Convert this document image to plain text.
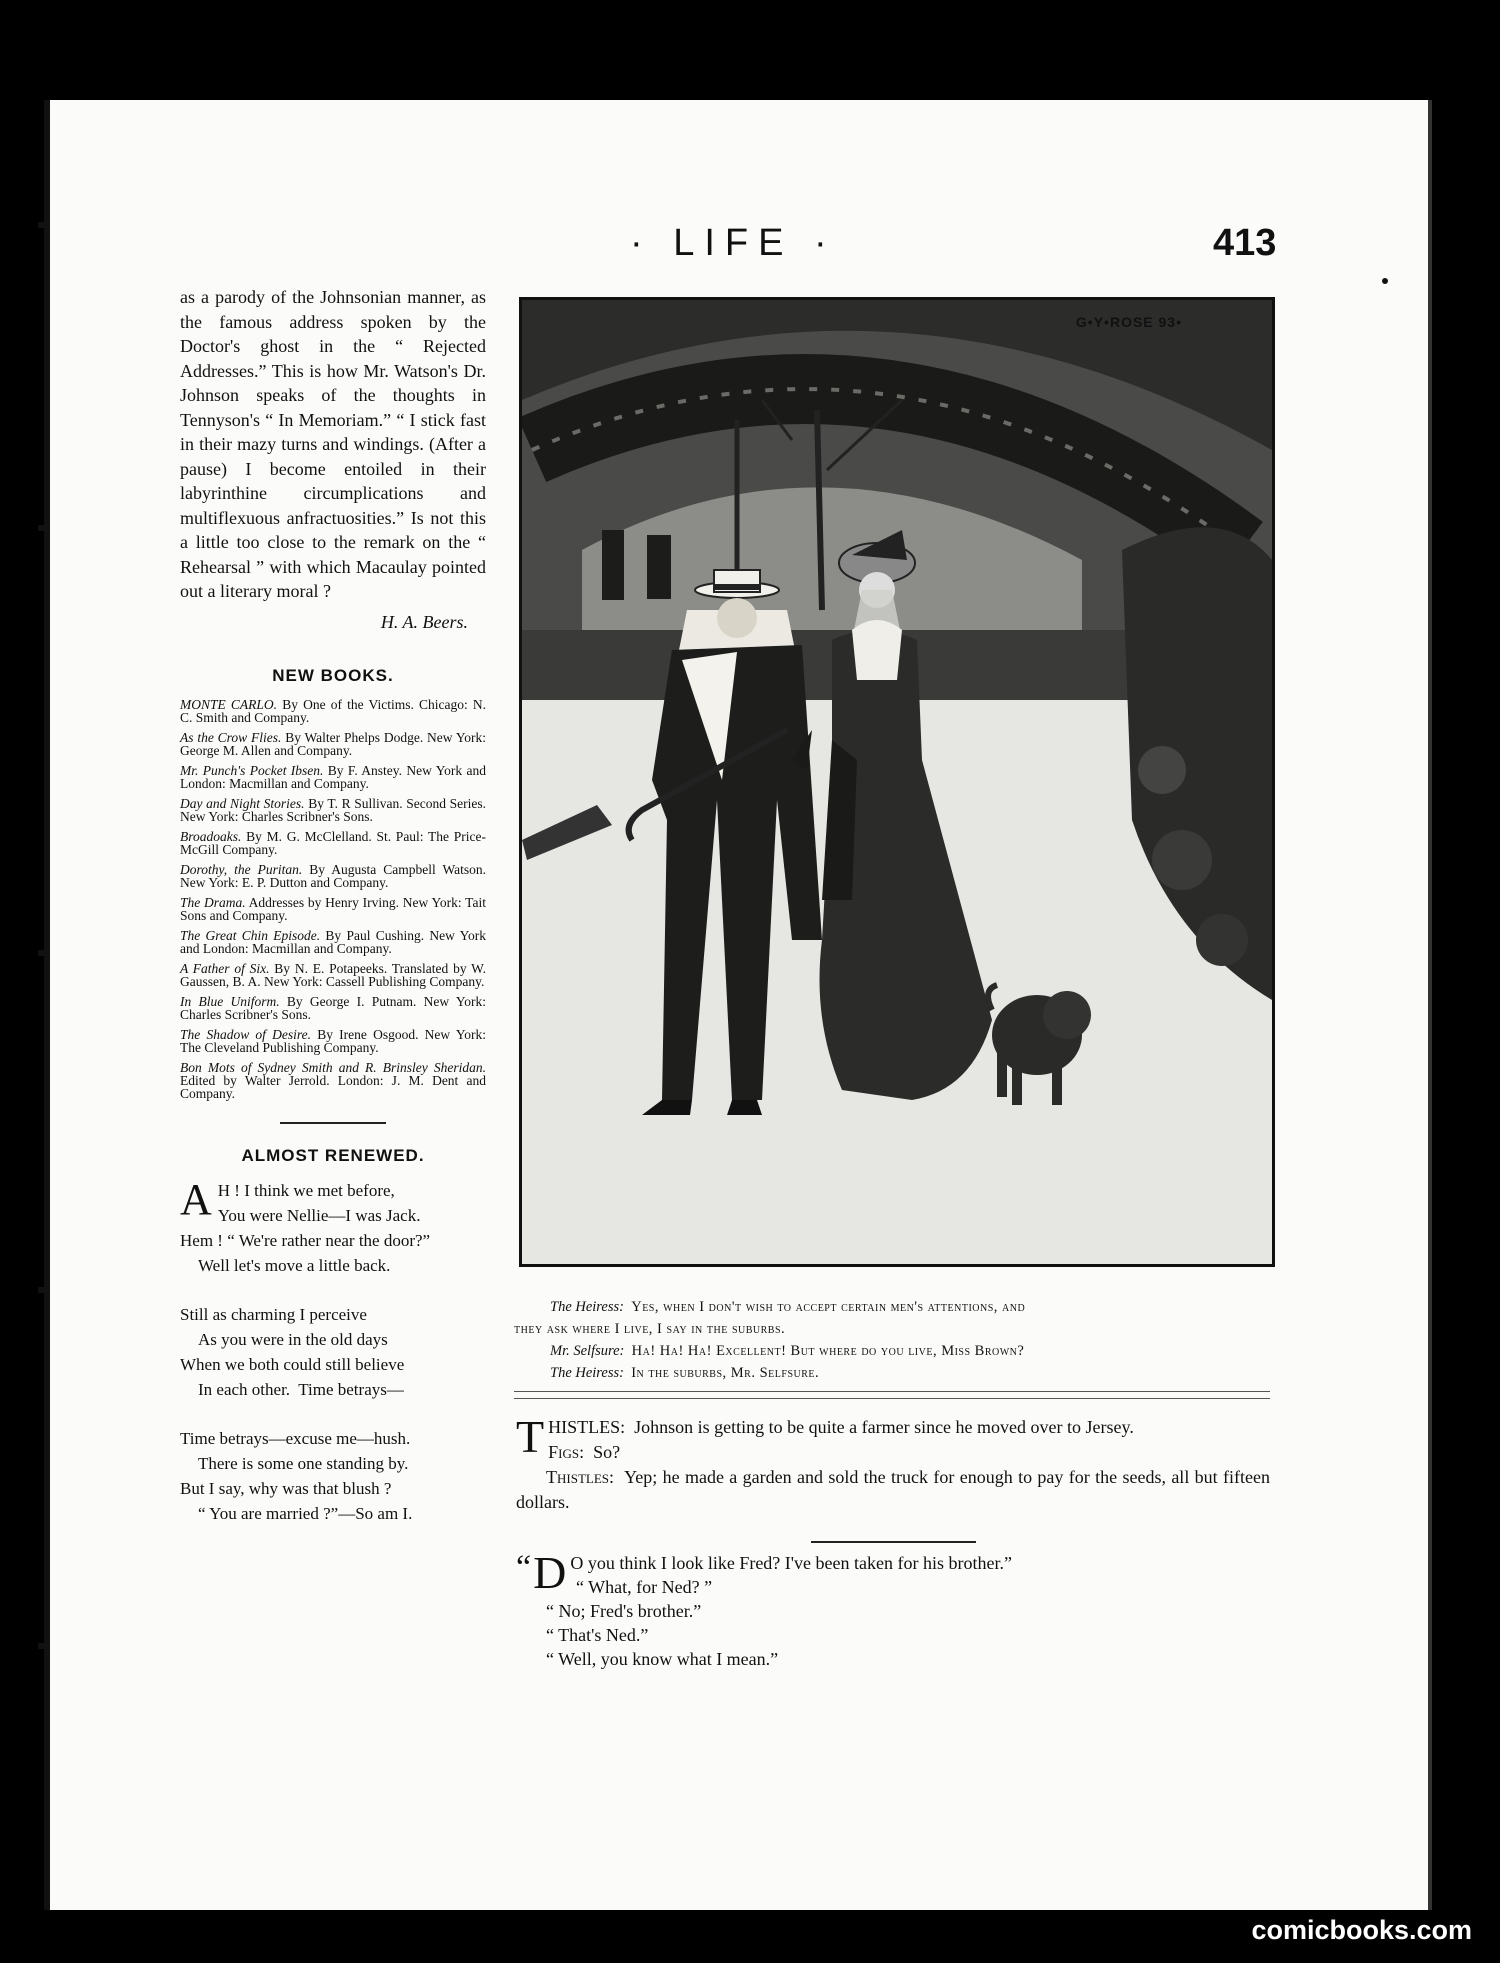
· LIFE ·	413

as a parody of the Johnsonian manner, as the famous address spoken by the Doctor's ghost in the “ Rejected Addresses.” This is how Mr. Watson's Dr. Johnson speaks of the thoughts in Tennyson's “ In Memoriam.” “ I stick fast in their mazy turns and windings. (After a pause) I become entoiled in their labyrinthine circumplications and multiflexuous anfractuosities.” Is not this a little too close to the remark on the “ Rehearsal ” with which Macaulay pointed out a literary moral ?

H. A. Beers.
NEW BOOKS.
MONTE CARLO. By One of the Victims. Chicago: N. C. Smith and Company.
As the Crow Flies. By Walter Phelps Dodge. New York: George M. Allen and Company.
Mr. Punch's Pocket Ibsen. By F. Anstey. New York and London: Macmillan and Company.
Day and Night Stories. By T. R Sullivan. Second Series. New York: Charles Scribner's Sons.
Broadoaks. By M. G. McClelland. St. Paul: The Price-McGill Company.
Dorothy, the Puritan. By Augusta Campbell Watson. New York: E. P. Dutton and Company.
The Drama. Addresses by Henry Irving. New York: Tait Sons and Company.
The Great Chin Episode. By Paul Cushing. New York and London: Macmillan and Company.
A Father of Six. By N. E. Potapeeks. Translated by W. Gaussen, B. A. New York: Cassell Publishing Company.
In Blue Uniform. By George I. Putnam. New York: Charles Scribner's Sons.
The Shadow of Desire. By Irene Osgood. New York: The Cleveland Publishing Company.
Bon Mots of Sydney Smith and R. Brinsley Sheridan. Edited by Walter Jerrold. London: J. M. Dent and Company.
ALMOST RENEWED.
A H ! I think we met before,
You were Nellie—I was Jack.
Hem ! “ We're rather near the door?”
Well let's move a little back.
Still as charming I perceive
As you were in the old days
When we both could still believe
In each other.  Time betrays—
Time betrays—excuse me—hush.
There is some one standing by.
But I say, why was that blush ?
“ You are married ?”—So am I.
G•Y•ROSE 93•
The Heiress: Yes, when I don't wish to accept certain men's attentions, and
they ask where I live, I say in the suburbs.
Mr. Selfsure: Ha! Ha! Ha! Excellent! But where do you live, Miss Brown?
The Heiress: In the suburbs, Mr. Selfsure.

THISTLES: Johnson is getting to be quite a farmer since he moved over to Jersey.

Figs: So?

Thistles: Yep; he made a garden and sold the truck for enough to pay for the seeds, all but fifteen dollars.

“ D O you think I look like Fred? I've been taken for his brother.”
“ What, for Ned? ”
“ No; Fred's brother.”
“ That's Ned.”
“ Well, you know what I mean.”
comicbooks.com
